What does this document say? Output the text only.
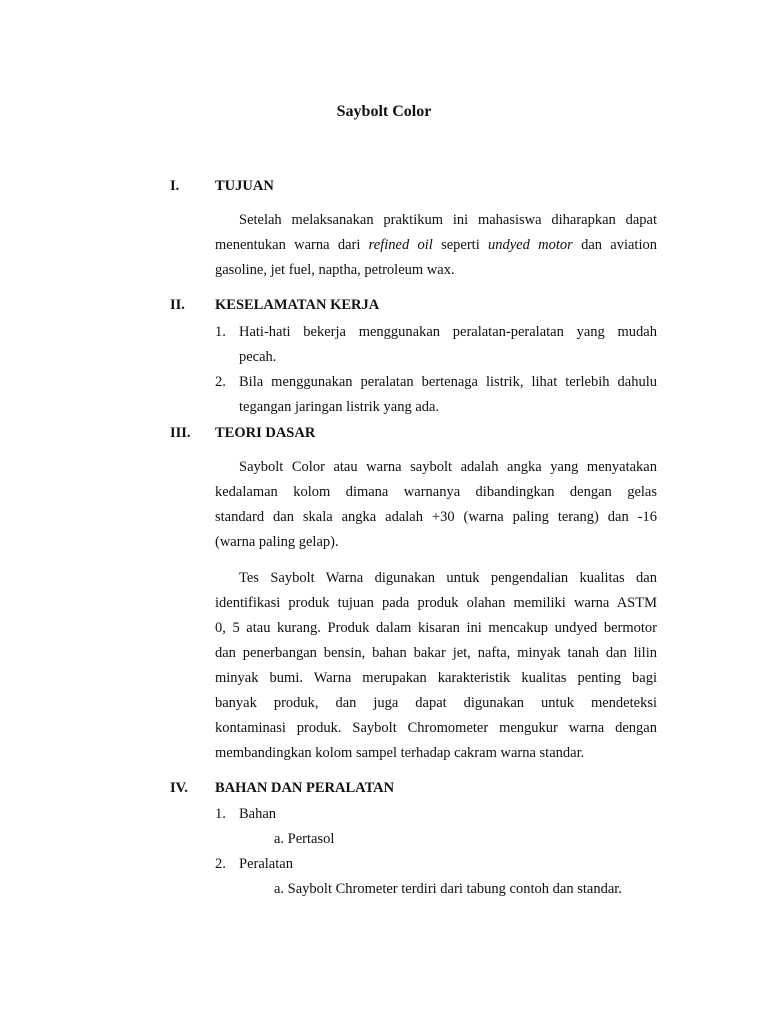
Saybolt Color
I. TUJUAN
Setelah melaksanakan praktikum ini mahasiswa diharapkan dapat
menentukan warna dari refined oil seperti undyed motor dan aviation
gasoline, jet fuel, naptha, petroleum wax.
II. KESELAMATAN KERJA
1. Hati-hati bekerja menggunakan peralatan-peralatan yang mudah
pecah.
2. Bila menggunakan peralatan bertenaga listrik, lihat terlebih dahulu
tegangan jaringan listrik yang ada.
III. TEORI DASAR
Saybolt Color atau warna saybolt adalah angka yang menyatakan
kedalaman kolom dimana warnanya dibandingkan dengan gelas
standard dan skala angka adalah +30 (warna paling terang) dan -16
(warna paling gelap).
Tes Saybolt Warna digunakan untuk pengendalian kualitas dan
identifikasi produk tujuan pada produk olahan memiliki warna ASTM
0, 5 atau kurang. Produk dalam kisaran ini mencakup undyed bermotor
dan penerbangan bensin, bahan bakar jet, nafta, minyak tanah dan lilin
minyak bumi. Warna merupakan karakteristik kualitas penting bagi
banyak produk, dan juga dapat digunakan untuk mendeteksi
kontaminasi produk. Saybolt Chromometer mengukur warna dengan
membandingkan kolom sampel terhadap cakram warna standar.
IV. BAHAN DAN PERALATAN
1. Bahan
a. Pertasol
2. Peralatan
a. Saybolt Chrometer terdiri dari tabung contoh dan standar.
